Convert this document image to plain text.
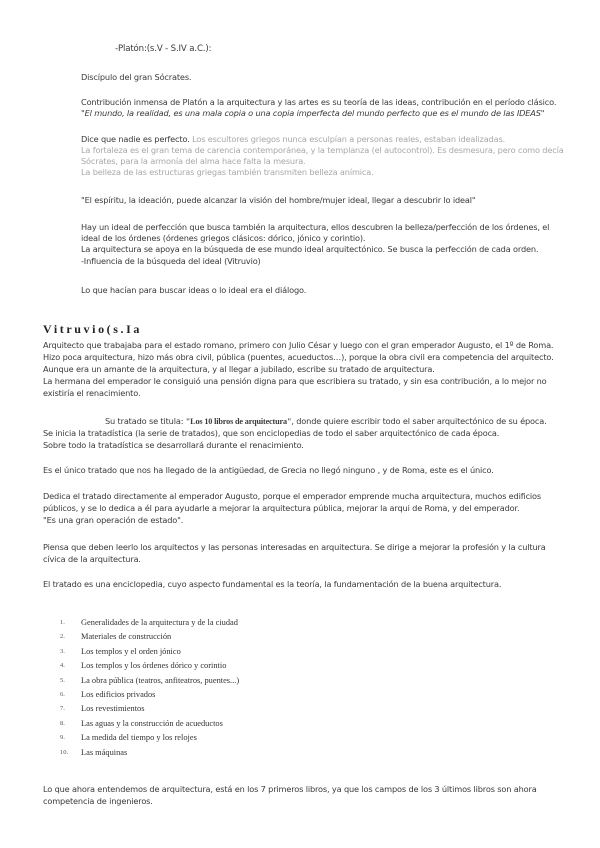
-Platón:(s.V - S.IV a.C.):
Discípulo del gran Sócrates.
Contribución inmensa de Platón a la arquitectura y las artes es su teoría de las ideas, contribución en el período clásico.
"El mundo, la realidad, es una mala copia o una copia imperfecta del mundo perfecto que es el mundo de las IDEAS"
Dice que nadie es perfecto. Los escultores griegos nunca esculpían a personas reales, estaban idealizadas.
La fortaleza es el gran tema de carencia contemporánea, y la templanza (el autocontrol). Es desmesura, pero como decía
Sócrates, para la armonía del alma hace falta la mesura.
La belleza de las estructuras griegas también transmiten belleza anímica.
"El espíritu, la ideación, puede alcanzar la visión del hombre/mujer ideal, llegar a descubrir lo ideal"
Hay un ideal de perfección que busca también la arquitectura, ellos descubren la belleza/perfección de los órdenes, el
ideal de los órdenes (órdenes griegos clásicos: dórico, jónico y corintio).
La arquitectura se apoya en la búsqueda de ese mundo ideal arquitectónico. Se busca la perfección de cada orden.
-Influencia de la búsqueda del ideal (Vitruvio)
Lo que hacían para buscar ideas o lo ideal era el diálogo.
Vitruvio(s.Ia
Arquitecto que trabajaba para el estado romano, primero con Julio César y luego con el gran emperador Augusto, el 1º de Roma.
Hizo poca arquitectura, hizo más obra civil, pública (puentes, acueductos…), porque la obra civil era competencia del arquitecto.
Aunque era un amante de la arquitectura, y al llegar a jubilado, escribe su tratado de arquitectura.
La hermana del emperador le consiguió una pensión digna para que escribiera su tratado, y sin esa contribución, a lo mejor no
existiría el renacimiento.
Su tratado se titula: "Los 10 libros de arquitectura", donde quiere escribir todo el saber arquitectónico de su época.
Se inicia la tratadística (la serie de tratados), que son enciclopedias de todo el saber arquitectónico de cada época.
Sobre todo la tratadística se desarrollará durante el renacimiento.
Es el único tratado que nos ha llegado de la antigüedad, de Grecia no llegó ninguno , y de Roma, este es el único.
Dedica el tratado directamente al emperador Augusto, porque el emperador emprende mucha arquitectura, muchos edificios
públicos, y se lo dedica a él para ayudarle a mejorar la arquitectura pública, mejorar la arqui de Roma, y del emperador.
"Es una gran operación de estado".
Piensa que deben leerlo los arquitectos y las personas interesadas en arquitectura. Se dirige a mejorar la profesión y la cultura
cívica de la arquitectura.
El tratado es una enciclopedia, cuyo aspecto fundamental es la teoría, la fundamentación de la buena arquitectura.
1.	Generalidades de la arquitectura y de la ciudad
2.	Materiales de construcción
3.	Los templos y el orden jónico
4.	Los templos y los órdenes dórico y corintio
5.	La obra pública (teatros, anfiteatros, puentes...)
6.	Los edificios privados
7.	Los revestimientos
8.	Las aguas y la construcción de acueductos
9.	La medida del tiempo y los relojes
10.	Las máquinas
Lo que ahora entendemos de arquitectura, está en los 7 primeros libros, ya que los campos de los 3 últimos libros son ahora
competencia de ingenieros.
